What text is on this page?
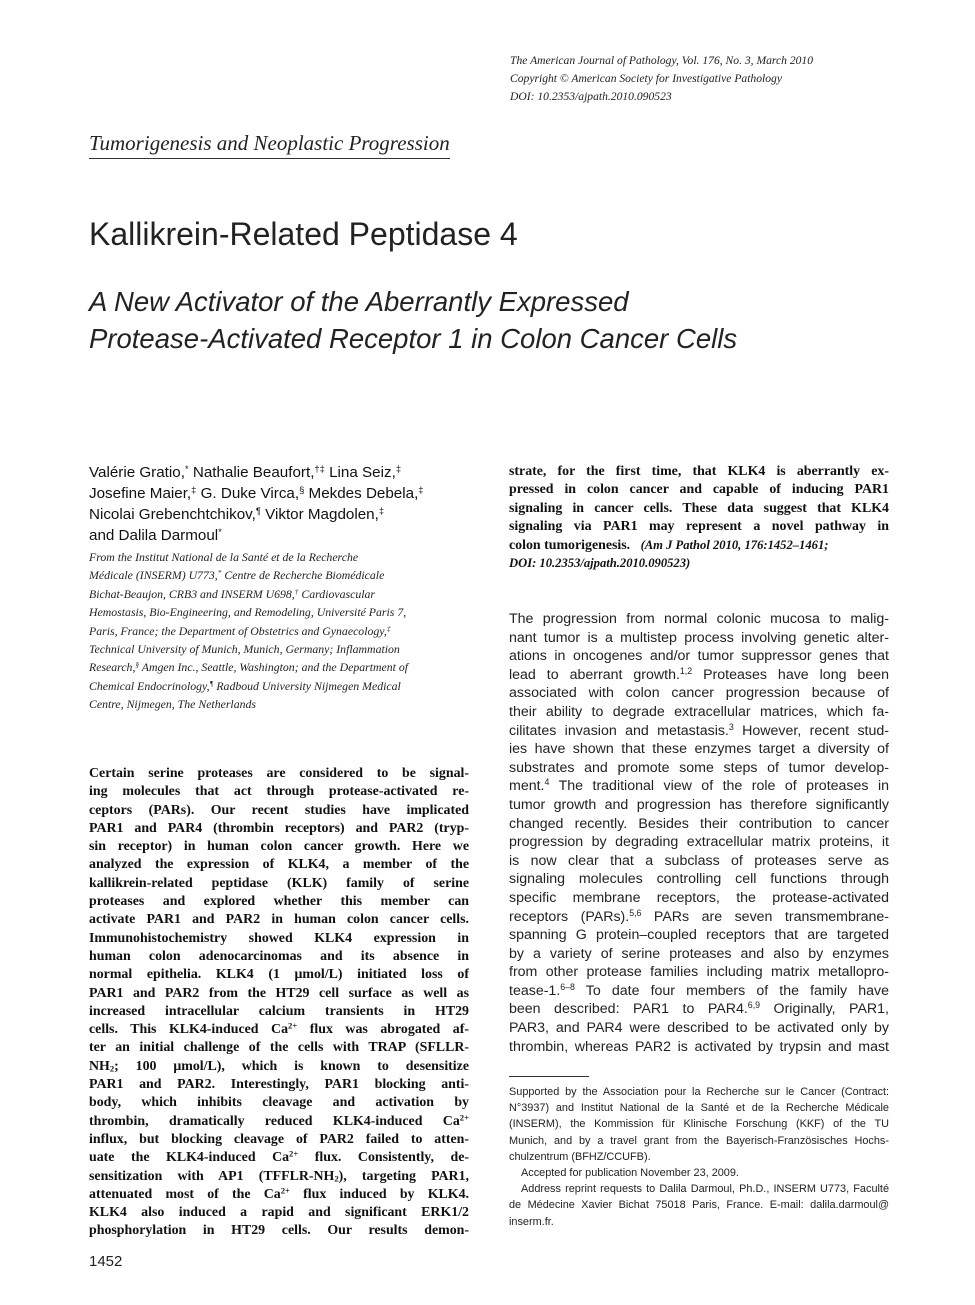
The American Journal of Pathology, Vol. 176, No. 3, March 2010
Copyright © American Society for Investigative Pathology
DOI: 10.2353/ajpath.2010.090523
Tumorigenesis and Neoplastic Progression
Kallikrein-Related Peptidase 4
A New Activator of the Aberrantly Expressed
Protease-Activated Receptor 1 in Colon Cancer Cells
Valérie Gratio,* Nathalie Beaufort,†‡ Lina Seiz,‡
Josefine Maier,‡ G. Duke Virca,§ Mekdes Debela,‡
Nicolai Grebenchtchikov,¶ Viktor Magdolen,‡
and Dalila Darmoul*
From the Institut National de la Santé et de la Recherche
Médicale (INSERM) U773,* Centre de Recherche Biomédicale
Bichat-Beaujon, CRB3 and INSERM U698,† Cardiovascular
Hemostasis, Bio-Engineering, and Remodeling, Université Paris 7,
Paris, France; the Department of Obstetrics and Gynaecology,‡
Technical University of Munich, Munich, Germany; Inflammation
Research,§ Amgen Inc., Seattle, Washington; and the Department of
Chemical Endocrinology,¶ Radboud University Nijmegen Medical
Centre, Nijmegen, The Netherlands
Certain serine proteases are considered to be signal-
ing molecules that act through protease-activated re-
ceptors (PARs). Our recent studies have implicated
PAR1 and PAR4 (thrombin receptors) and PAR2 (tryp-
sin receptor) in human colon cancer growth. Here we
analyzed the expression of KLK4, a member of the
kallikrein-related peptidase (KLK) family of serine
proteases and explored whether this member can
activate PAR1 and PAR2 in human colon cancer cells.
Immunohistochemistry showed KLK4 expression in
human colon adenocarcinomas and its absence in
normal epithelia. KLK4 (1 μmol/L) initiated loss of
PAR1 and PAR2 from the HT29 cell surface as well as
increased intracellular calcium transients in HT29
cells. This KLK4-induced $Ca^{2+}$ flux was abrogated af-
ter an initial challenge of the cells with TRAP (SFLLR-
$NH_2$; 100 μmol/L), which is known to desensitize
PAR1 and PAR2. Interestingly, PAR1 blocking anti-
body, which inhibits cleavage and activation by
thrombin, dramatically reduced KLK4-induced $Ca^{2+}$
influx, but blocking cleavage of PAR2 failed to atten-
uate the KLK4-induced $Ca^{2+}$ flux. Consistently, de-
sensitization with AP1 $(TFFLR-NH_2)$, targeting PAR1,
attenuated most of the $Ca^{2+}$ flux induced by KLK4.
KLK4 also induced a rapid and significant ERK1/2
phosphorylation in HT29 cells. Our results demon-
strate, for the first time, that KLK4 is aberrantly ex-
pressed in colon cancer and capable of inducing PAR1
signaling in cancer cells. These data suggest that KLK4
signaling via PAR1 may represent a novel pathway in
colon tumorigenesis. (Am J Pathol 2010, 176:1452–1461;
DOI: 10.2353/ajpath.2010.090523)
The progression from normal colonic mucosa to malig-
nant tumor is a multistep process involving genetic alter-
ations in oncogenes and/or tumor suppressor genes that
lead to aberrant growth.$^{1,2}$ Proteases have long been
associated with colon cancer progression because of
their ability to degrade extracellular matrices, which fa-
cilitates invasion and metastasis.$^3$ However, recent stud-
ies have shown that these enzymes target a diversity of
substrates and promote some steps of tumor develop-
ment.$^4$ The traditional view of the role of proteases in
tumor growth and progression has therefore significantly
changed recently. Besides their contribution to cancer
progression by degrading extracellular matrix proteins, it
is now clear that a subclass of proteases serve as
signaling molecules controlling cell functions through
specific membrane receptors, the protease-activated
receptors (PARs).$^{5,6}$ PARs are seven transmembrane-
spanning G protein–coupled receptors that are targeted
by a variety of serine proteases and also by enzymes
from other protease families including matrix metallopro-
tease-1.$^{6-8}$ To date four members of the family have
been described: PAR1 to PAR4.$^{6,9}$ Originally, PAR1,
PAR3, and PAR4 were described to be activated only by
thrombin, whereas PAR2 is activated by trypsin and mast
Supported by the Association pour la Recherche sur le Cancer (Contract:
N°3937) and Institut National de la Santé et de la Recherche Médicale
(INSERM), the Kommission für Klinische Forschung (KKF) of the TU
Munich, and by a travel grant from the Bayerisch-Französisches Hochs-
chulzentrum (BFHZ/CCUFB).
Accepted for publication November 23, 2009.
Address reprint requests to Dalila Darmoul, Ph.D., INSERM U773, Faculté
de Médecine Xavier Bichat 75018 Paris, France. E-mail: dalila.darmoul@
inserm.fr.
1452
